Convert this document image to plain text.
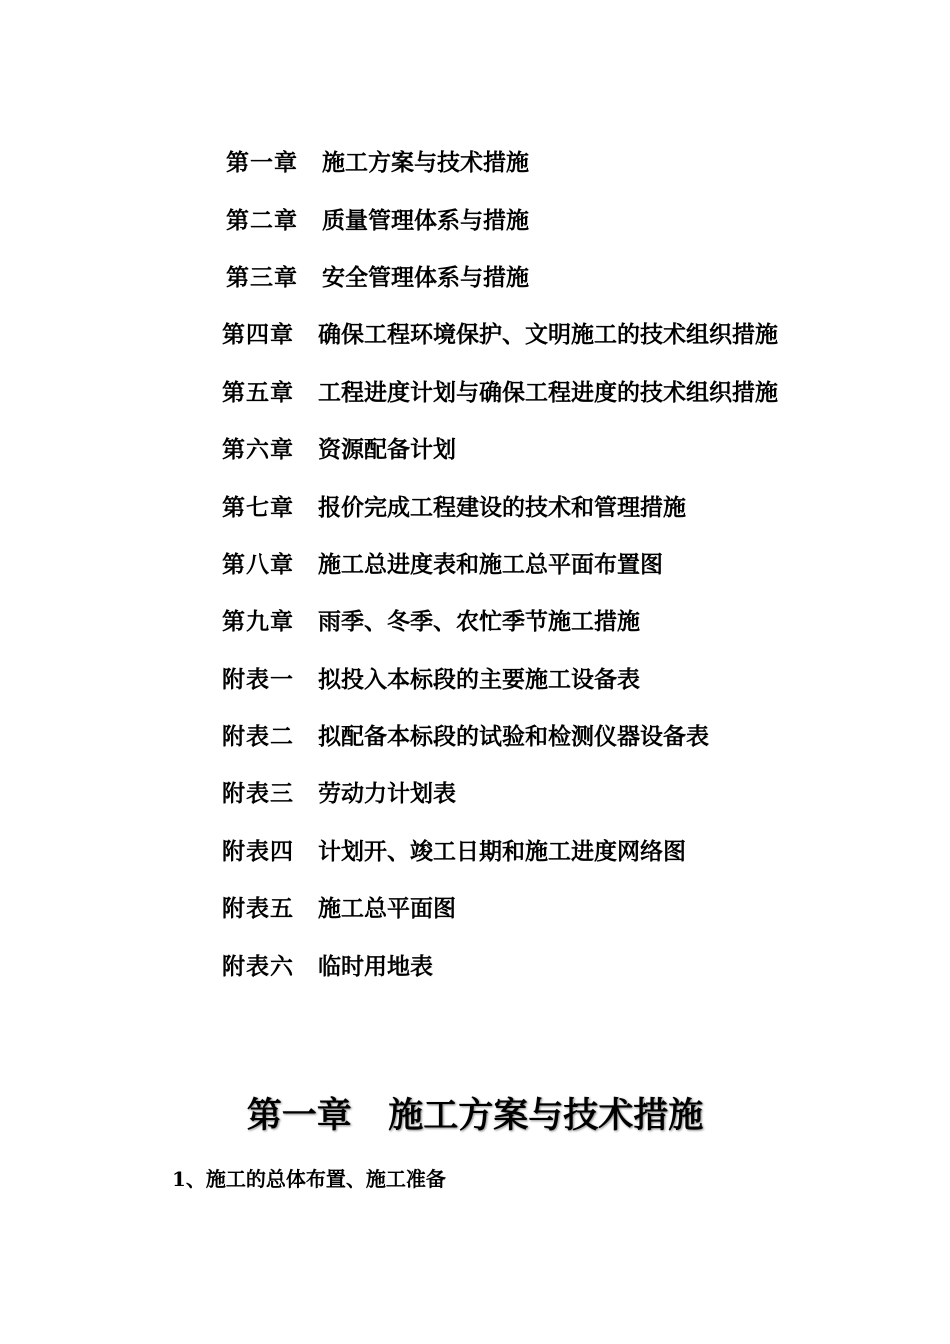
第一章	施工方案与技术措施
第二章	质量管理体系与措施
第三章	安全管理体系与措施
第四章	确保工程环境保护、文明施工的技术组织措施
第五章	工程进度计划与确保工程进度的技术组织措施
第六章	资源配备计划
第七章	报价完成工程建设的技术和管理措施
第八章	施工总进度表和施工总平面布置图
第九章	雨季、冬季、农忙季节施工措施
附表一	拟投入本标段的主要施工设备表
附表二	拟配备本标段的试验和检测仪器设备表
附表三	劳动力计划表
附表四	计划开、竣工日期和施工进度网络图
附表五	施工总平面图
附表六	临时用地表
第一章 施工方案与技术措施
1、施工的总体布置、施工准备
